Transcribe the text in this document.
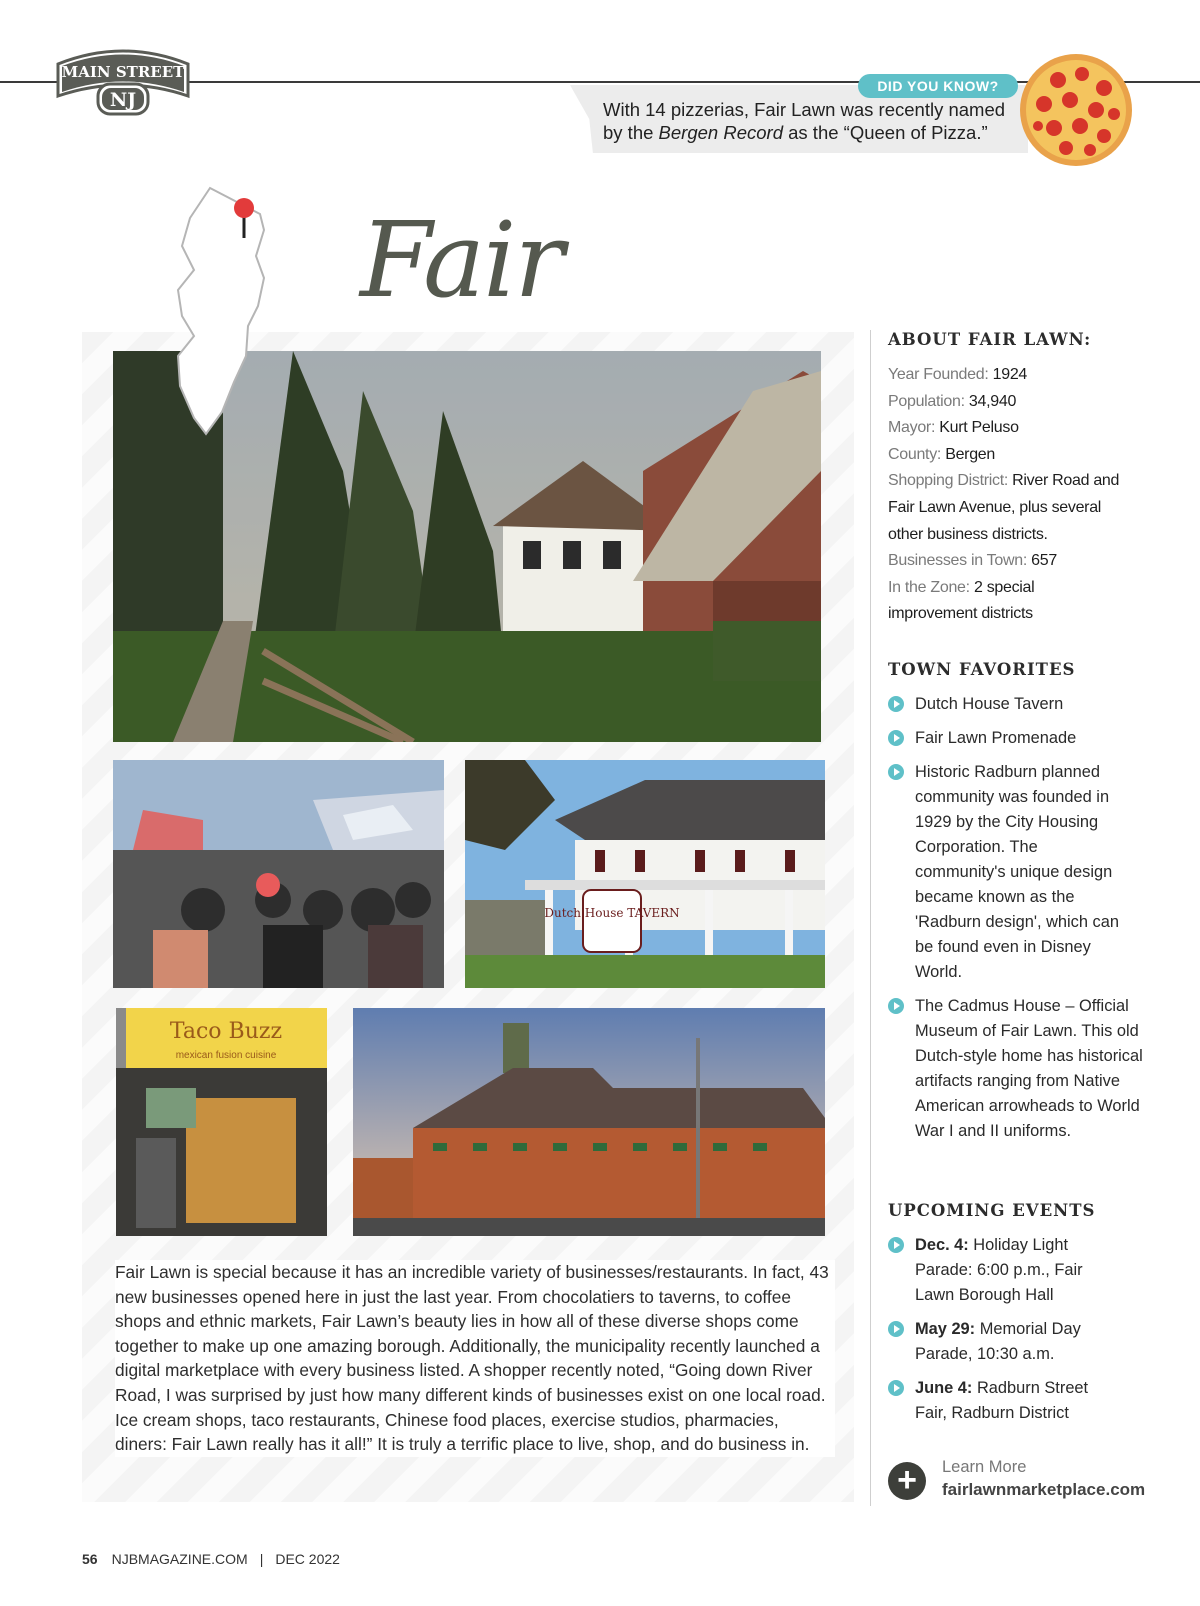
MAIN STREET
NJ
DID YOU KNOW?
With 14 pizzerias, Fair Lawn was recently named by the Bergen Record as the “Queen of Pizza.”
Fair
Dutch House TAVERN
Taco Buzz
mexican fusion cuisine
Fair Lawn is special because it has an incredible variety of businesses/restaurants. In fact, 43 new businesses opened here in just the last year. From chocolatiers to taverns, to coffee shops and ethnic markets, Fair Lawn’s beauty lies in how all of these diverse shops come together to make up one amazing borough. Additionally, the municipality recently launched a digital marketplace with every business listed. A shopper recently noted, “Going down River Road, I was surprised by just how many different kinds of businesses exist on one local road. Ice cream shops, taco restaurants, Chinese food places, exercise studios, pharmacies, diners: Fair Lawn really has it all!” It is truly a terrific place to live, shop, and do business in.
ABOUT FAIR LAWN:
Year Founded: 1924
Population: 34,940
Mayor: Kurt Peluso
County: Bergen
Shopping District: River Road and Fair Lawn Avenue, plus several other business districts.
Businesses in Town: 657
In the Zone: 2 special improvement districts
TOWN FAVORITES
Dutch House Tavern
Fair Lawn Promenade
Historic Radburn planned community was founded in 1929 by the City Housing Corporation. The community's unique design became known as the 'Radburn design', which can be found even in Disney World.
The Cadmus House – Official Museum of Fair Lawn. This old Dutch-style home has historical artifacts ranging from Native American arrowheads to World War I and II uniforms.
UPCOMING EVENTS
Dec. 4: Holiday Light Parade: 6:00 p.m., Fair Lawn Borough Hall
May 29: Memorial Day Parade, 10:30 a.m.
June 4: Radburn Street Fair, Radburn District
+	Learn More
fairlawnmarketplace.com
56 NJBMAGAZINE.COM | DEC 2022
